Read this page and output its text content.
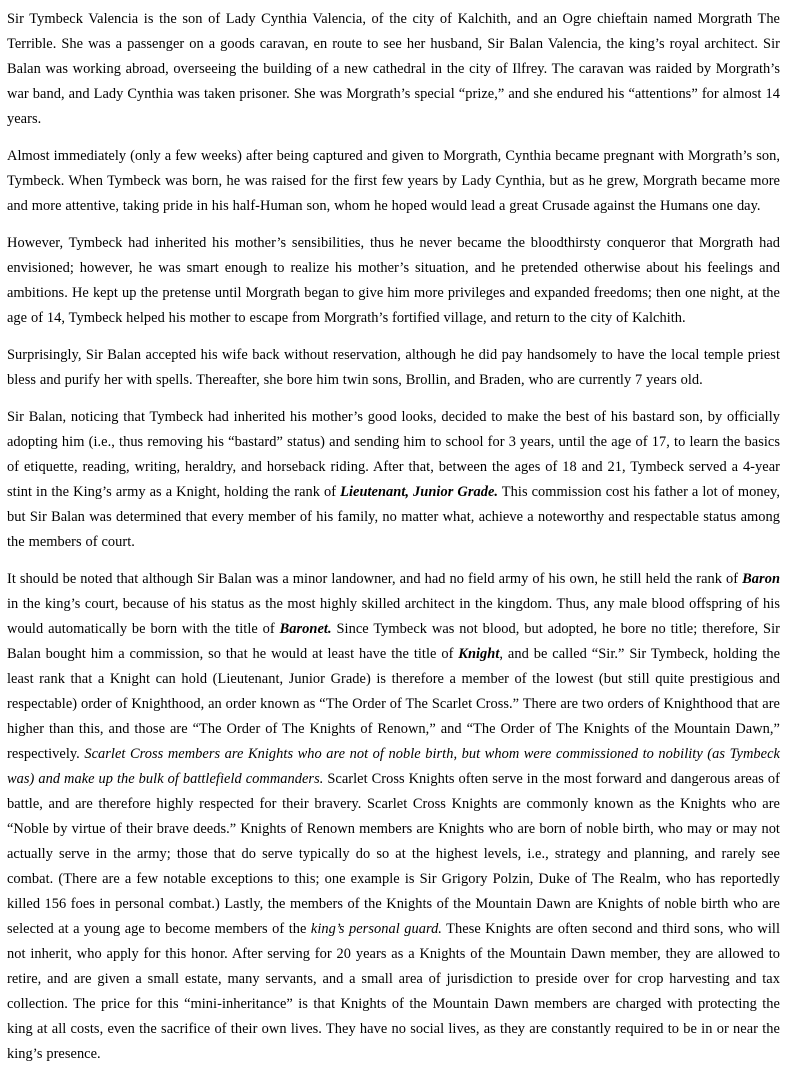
Sir Tymbeck Valencia is the son of Lady Cynthia Valencia, of the city of Kalchith, and an Ogre chieftain named Morgrath The Terrible. She was a passenger on a goods caravan, en route to see her husband, Sir Balan Valencia, the king’s royal architect. Sir Balan was working abroad, overseeing the building of a new cathedral in the city of Ilfrey. The caravan was raided by Morgrath’s war band, and Lady Cynthia was taken prisoner. She was Morgrath’s special “prize,” and she endured his “attentions” for almost 14 years.

Almost immediately (only a few weeks) after being captured and given to Morgrath, Cynthia became pregnant with Morgrath’s son, Tymbeck. When Tymbeck was born, he was raised for the first few years by Lady Cynthia, but as he grew, Morgrath became more and more attentive, taking pride in his half-Human son, whom he hoped would lead a great Crusade against the Humans one day.

However, Tymbeck had inherited his mother’s sensibilities, thus he never became the bloodthirsty conqueror that Morgrath had envisioned; however, he was smart enough to realize his mother’s situation, and he pretended otherwise about his feelings and ambitions. He kept up the pretense until Morgrath began to give him more privileges and expanded freedoms; then one night, at the age of 14, Tymbeck helped his mother to escape from Morgrath’s fortified village, and return to the city of Kalchith.

Surprisingly, Sir Balan accepted his wife back without reservation, although he did pay handsomely to have the local temple priest bless and purify her with spells. Thereafter, she bore him twin sons, Brollin, and Braden, who are currently 7 years old.

Sir Balan, noticing that Tymbeck had inherited his mother’s good looks, decided to make the best of his bastard son, by officially adopting him (i.e., thus removing his “bastard” status) and sending him to school for 3 years, until the age of 17, to learn the basics of etiquette, reading, writing, heraldry, and horseback riding. After that, between the ages of 18 and 21, Tymbeck served a 4-year stint in the King’s army as a Knight, holding the rank of Lieutenant, Junior Grade. This commission cost his father a lot of money, but Sir Balan was determined that every member of his family, no matter what, achieve a noteworthy and respectable status among the members of court.

It should be noted that although Sir Balan was a minor landowner, and had no field army of his own, he still held the rank of Baron in the king’s court, because of his status as the most highly skilled architect in the kingdom. Thus, any male blood offspring of his would automatically be born with the title of Baronet. Since Tymbeck was not blood, but adopted, he bore no title; therefore, Sir Balan bought him a commission, so that he would at least have the title of Knight, and be called “Sir.” Sir Tymbeck, holding the least rank that a Knight can hold (Lieutenant, Junior Grade) is therefore a member of the lowest (but still quite prestigious and respectable) order of Knighthood, an order known as “The Order of The Scarlet Cross.” There are two orders of Knighthood that are higher than this, and those are “The Order of The Knights of Renown,” and “The Order of The Knights of the Mountain Dawn,” respectively. Scarlet Cross members are Knights who are not of noble birth, but whom were commissioned to nobility (as Tymbeck was) and make up the bulk of battlefield commanders. Scarlet Cross Knights often serve in the most forward and dangerous areas of battle, and are therefore highly respected for their bravery. Scarlet Cross Knights are commonly known as the Knights who are “Noble by virtue of their brave deeds.” Knights of Renown members are Knights who are born of noble birth, who may or may not actually serve in the army; those that do serve typically do so at the highest levels, i.e., strategy and planning, and rarely see combat. (There are a few notable exceptions to this; one example is Sir Grigory Polzin, Duke of The Realm, who has reportedly killed 156 foes in personal combat.) Lastly, the members of the Knights of the Mountain Dawn are Knights of noble birth who are selected at a young age to become members of the king’s personal guard. These Knights are often second and third sons, who will not inherit, who apply for this honor. After serving for 20 years as a Knights of the Mountain Dawn member, they are allowed to retire, and are given a small estate, many servants, and a small area of jurisdiction to preside over for crop harvesting and tax collection. The price for this “mini-inheritance” is that Knights of the Mountain Dawn members are charged with protecting the king at all costs, even the sacrifice of their own lives. They have no social lives, as they are constantly required to be in or near the king’s presence.
